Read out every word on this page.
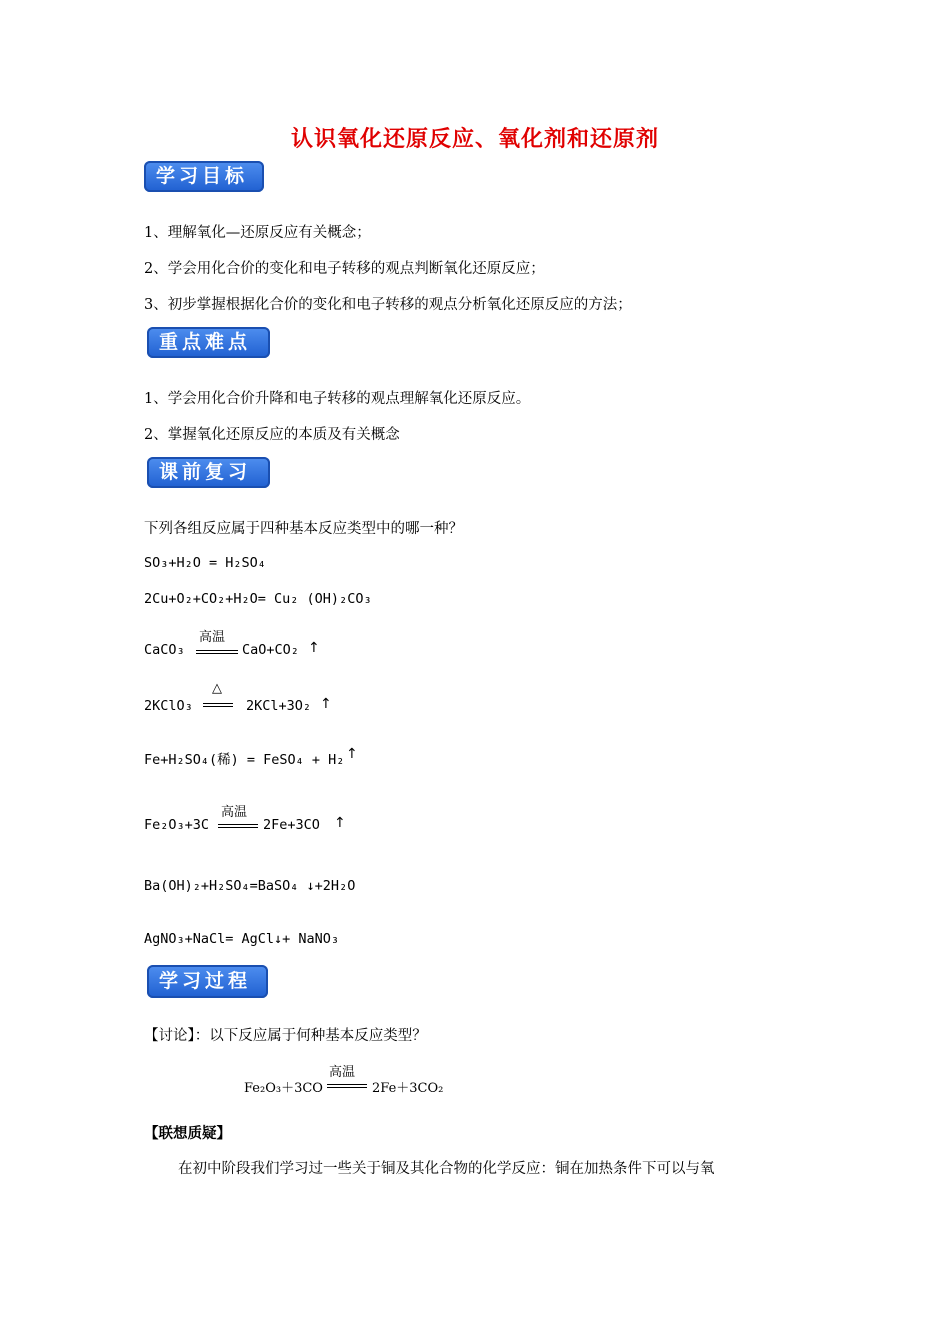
认识氧化还原反应、氧化剂和还原剂
学习目标
1、理解氧化—还原反应有关概念；
2、学会用化合价的变化和电子转移的观点判断氧化还原反应；
3、初步掌握根据化合价的变化和电子转移的观点分析氧化还原反应的方法；
重点难点
1、学会用化合价升降和电子转移的观点理解氧化还原反应。
2、掌握氧化还原反应的本质及有关概念
课前复习
下列各组反应属于四种基本反应类型中的哪一种？
SO₃+H₂O = H₂SO₄
2Cu+O₂+CO₂+H₂O= Cu₂ (OH)₂CO₃
CaCO₃
高温
CaO+CO₂ ↑
2KClO₃
△
2KCl+3O₂ ↑
Fe+H₂SO₄(稀) = FeSO₄ + H₂ ↑
Fe₂O₃+3C
高温
2Fe+3CO ↑
Ba(OH)₂+H₂SO₄=BaSO₄ ↓+2H₂O
AgNO₃+NaCl= AgCl↓+ NaNO₃
学习过程
【讨论】：以下反应属于何种基本反应类型？
Fe₂O₃＋3CO
高温
2Fe＋3CO₂
【联想质疑】
在初中阶段我们学习过一些关于铜及其化合物的化学反应：铜在加热条件下可以与氧
